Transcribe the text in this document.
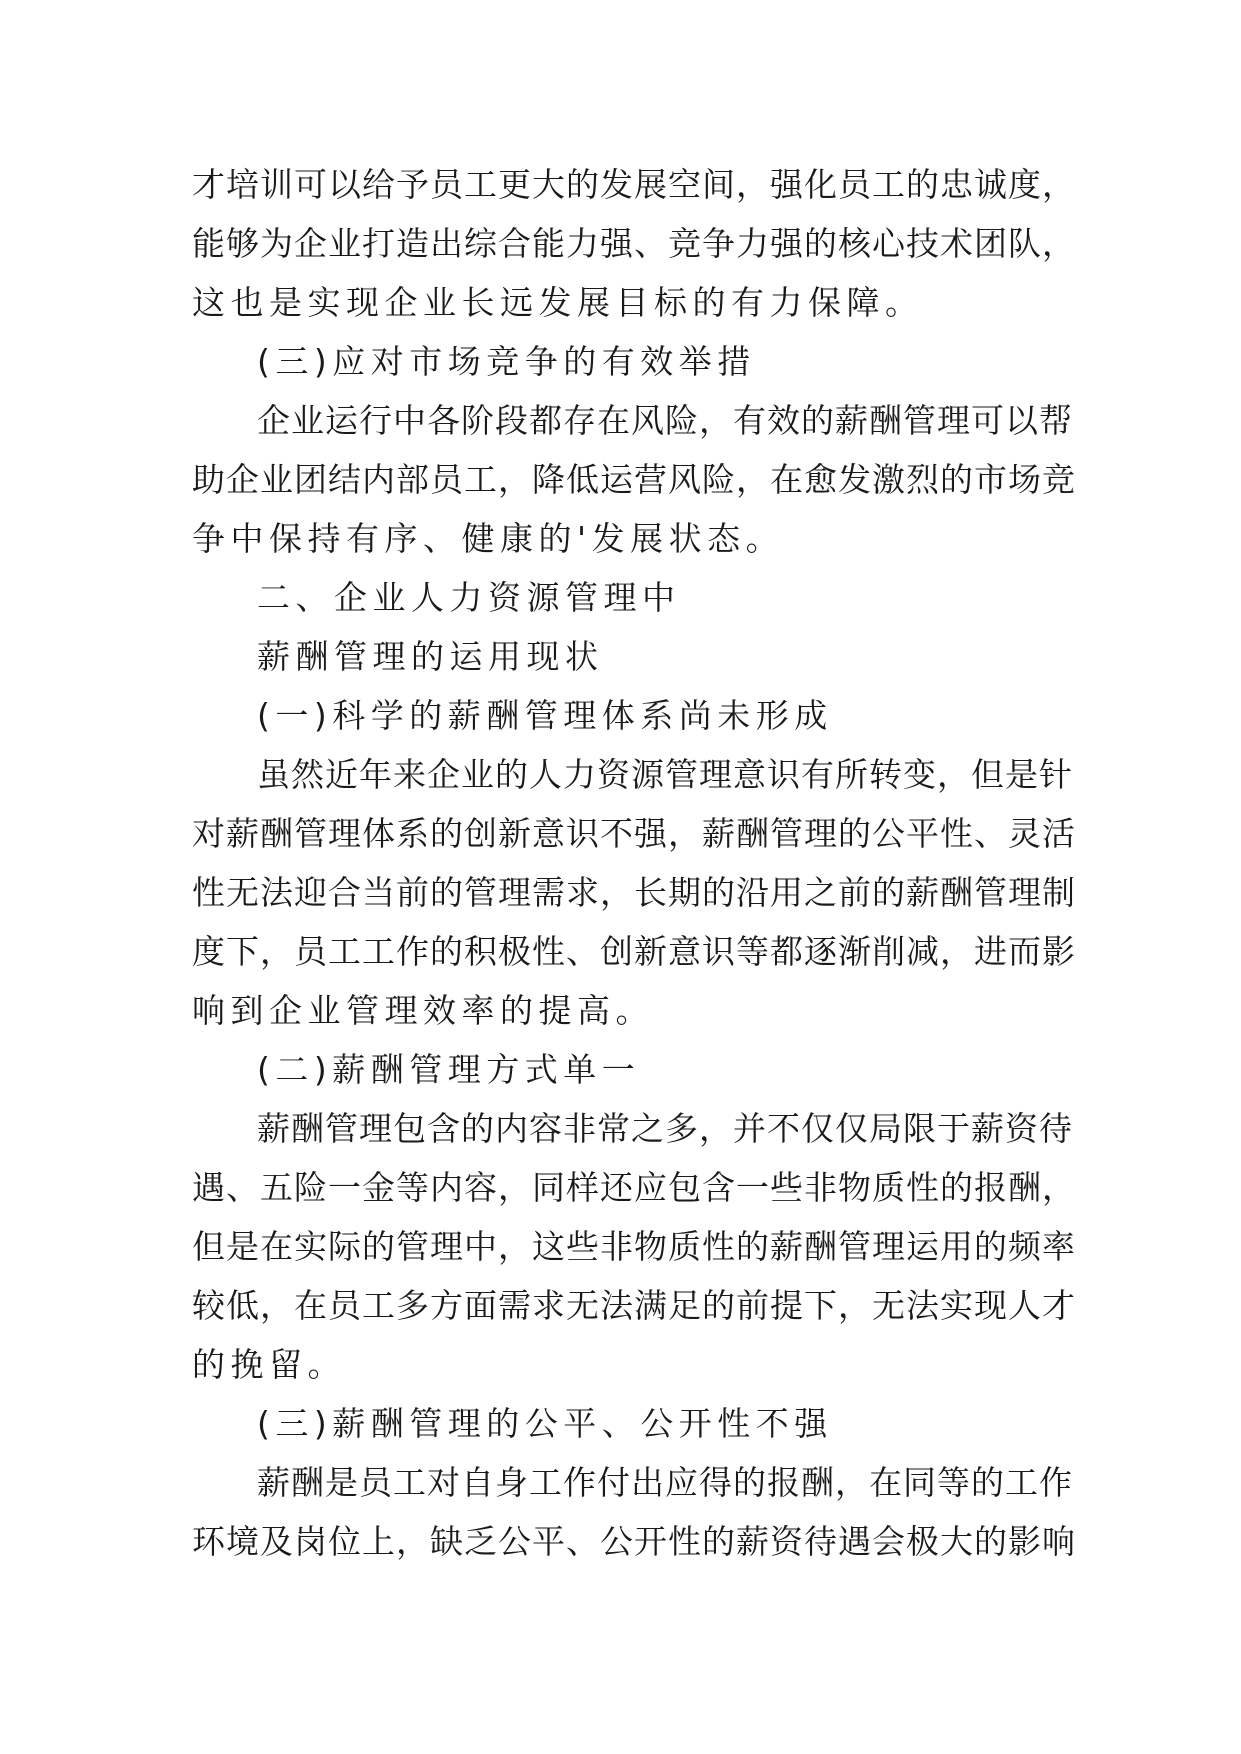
才培训可以给予员工更大的发展空间，强化员工的忠诚度，
能够为企业打造出综合能力强、竞争力强的核心技术团队，
这也是实现企业长远发展目标的有力保障。
(三)应对市场竞争的有效举措
企业运行中各阶段都存在风险，有效的薪酬管理可以帮
助企业团结内部员工，降低运营风险，在愈发激烈的市场竞
争中保持有序、健康的'发展状态。
二、企业人力资源管理中
薪酬管理的运用现状
(一)科学的薪酬管理体系尚未形成
虽然近年来企业的人力资源管理意识有所转变，但是针
对薪酬管理体系的创新意识不强，薪酬管理的公平性、灵活
性无法迎合当前的管理需求，长期的沿用之前的薪酬管理制
度下，员工工作的积极性、创新意识等都逐渐削减，进而影
响到企业管理效率的提高。
(二)薪酬管理方式单一
薪酬管理包含的内容非常之多，并不仅仅局限于薪资待
遇、五险一金等内容，同样还应包含一些非物质性的报酬，
但是在实际的管理中，这些非物质性的薪酬管理运用的频率
较低，在员工多方面需求无法满足的前提下，无法实现人才
的挽留。
(三)薪酬管理的公平、公开性不强
薪酬是员工对自身工作付出应得的报酬，在同等的工作
环境及岗位上，缺乏公平、公开性的薪资待遇会极大的影响
